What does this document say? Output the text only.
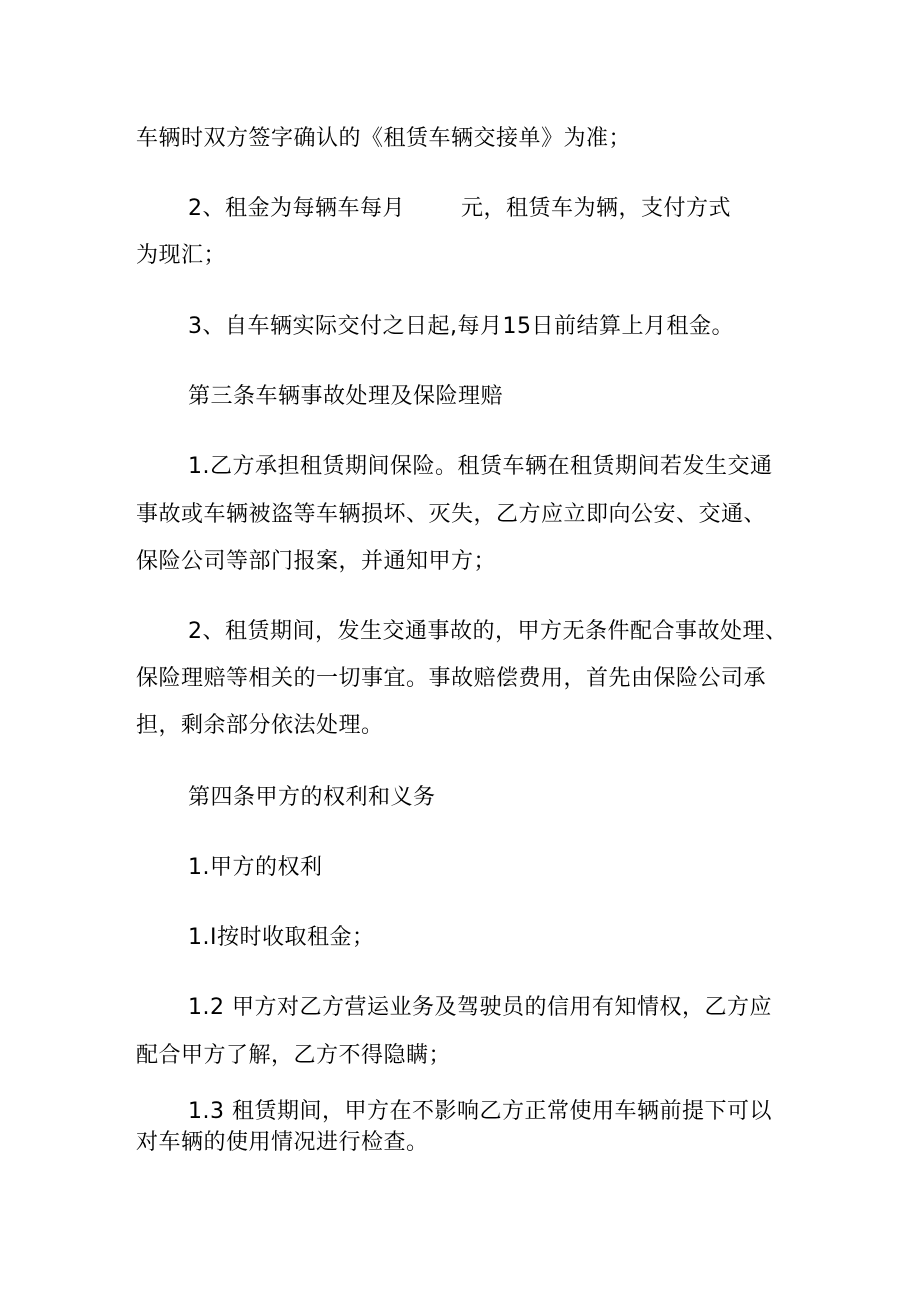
车辆时双方签字确认的《租赁车辆交接单》为准；
2、租金为每辆车每月	元，租赁车为辆，支付方式
为现汇；
3、自车辆实际交付之日起,每月15日前结算上月租金。
第三条车辆事故处理及保险理赔
1.乙方承担租赁期间保险。租赁车辆在租赁期间若发生交通
事故或车辆被盗等车辆损坏、灭失，乙方应立即向公安、交通、
保险公司等部门报案，并通知甲方；
2、租赁期间，发生交通事故的，甲方无条件配合事故处理、
保险理赔等相关的一切事宜。事故赔偿费用，首先由保险公司承
担，剩余部分依法处理。
第四条甲方的权利和义务
1.甲方的权利
1.I按时收取租金；
1.2 甲方对乙方营运业务及驾驶员的信用有知情权，乙方应
配合甲方了解，乙方不得隐瞒；
1.3 租赁期间，甲方在不影响乙方正常使用车辆前提下可以
对车辆的使用情况进行检查。
